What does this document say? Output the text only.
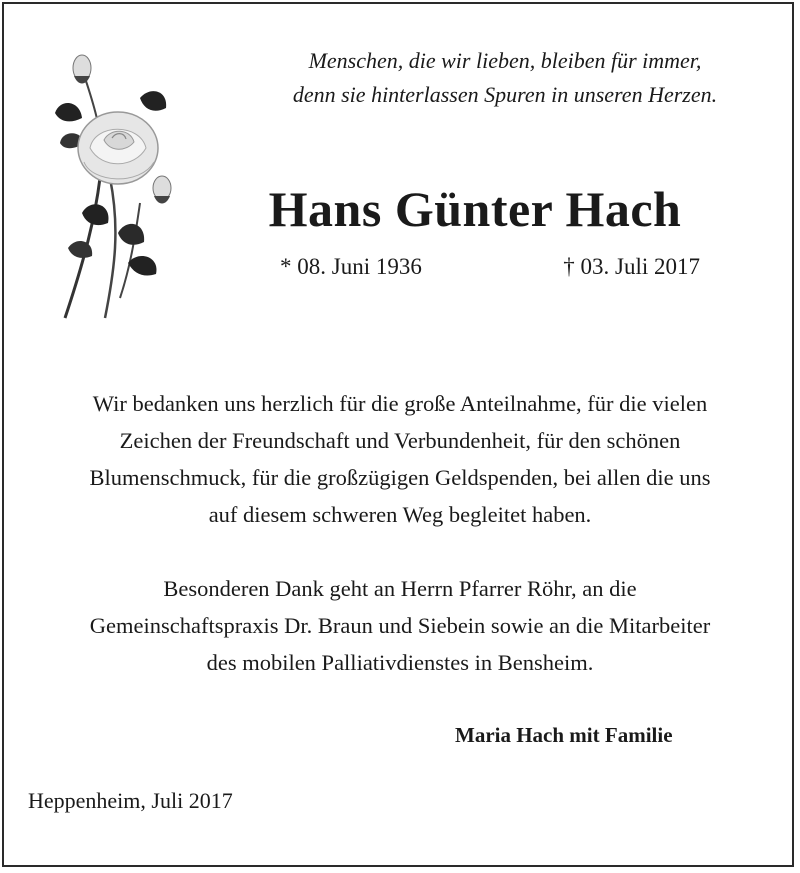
Menschen, die wir lieben, bleiben für immer,
denn sie hinterlassen Spuren in unseren Herzen.
Hans Günter Hach
* 08. Juni 1936	† 03. Juli 2017
Wir bedanken uns herzlich für die große Anteilnahme, für die vielen
Zeichen der Freundschaft und Verbundenheit, für den schönen
Blumenschmuck, für die großzügigen Geldspenden, bei allen die uns
auf diesem schweren Weg begleitet haben.
Besonderen Dank geht an Herrn Pfarrer Röhr, an die
Gemeinschaftspraxis Dr. Braun und Siebein sowie an die Mitarbeiter
des mobilen Palliativdienstes in Bensheim.
Maria Hach mit Familie
Heppenheim, Juli 2017
